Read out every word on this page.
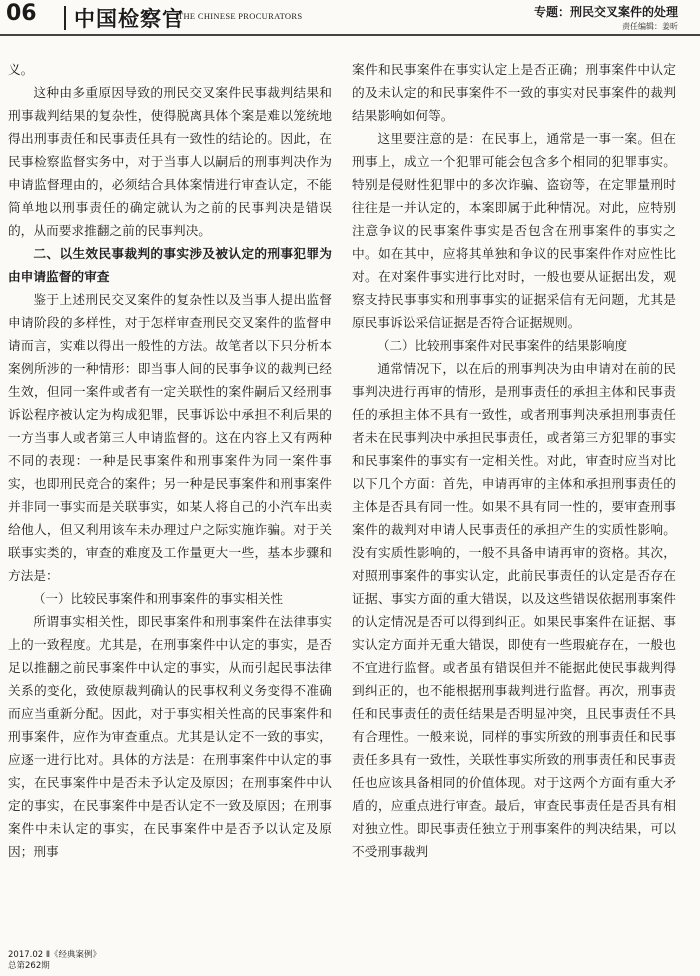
06 中国检察官
THE CHINESE PROCURATORS	专题：刑民交叉案件的处理
责任编辑：姜昕

义。

这种由多重原因导致的刑民交叉案件民事裁判结果和刑事裁判结果的复杂性，使得脱离具体个案是难以笼统地得出刑事责任和民事责任具有一致性的结论的。因此，在民事检察监督实务中，对于当事人以嗣后的刑事判决作为申请监督理由的，必须结合具体案情进行审查认定，不能简单地以刑事责任的确定就认为之前的民事判决是错误的，从而要求推翻之前的民事判决。

二、以生效民事裁判的事实涉及被认定的刑事犯罪为由申请监督的审查

鉴于上述刑民交叉案件的复杂性以及当事人提出监督申请阶段的多样性，对于怎样审查刑民交叉案件的监督申请而言，实难以得出一般性的方法。故笔者以下只分析本案例所涉的一种情形：即当事人间的民事争议的裁判已经生效，但同一案件或者有一定关联性的案件嗣后又经刑事诉讼程序被认定为构成犯罪，民事诉讼中承担不利后果的一方当事人或者第三人申请监督的。这在内容上又有两种不同的表现：一种是民事案件和刑事案件为同一案件事实，也即刑民竞合的案件；另一种是民事案件和刑事案件并非同一事实而是关联事实，如某人将自己的小汽车出卖给他人，但又利用该车未办理过户之际实施诈骗。对于关联事实类的，审查的难度及工作量更大一些，基本步骤和方法是：

（一）比较民事案件和刑事案件的事实相关性

所谓事实相关性，即民事案件和刑事案件在法律事实上的一致程度。尤其是，在刑事案件中认定的事实，是否足以推翻之前民事案件中认定的事实，从而引起民事法律关系的变化，致使原裁判确认的民事权利义务变得不准确而应当重新分配。因此，对于事实相关性高的民事案件和刑事案件，应作为审查重点。尤其是认定不一致的事实，应逐一进行比对。具体的方法是：在刑事案件中认定的事实，在民事案件中是否未予认定及原因；在刑事案件中认定的事实，在民事案件中是否认定不一致及原因；在刑事案件中未认定的事实，在民事案件中是否予以认定及原因；刑事

案件和民事案件在事实认定上是否正确；刑事案件中认定的及未认定的和民事案件不一致的事实对民事案件的裁判结果影响如何等。

这里要注意的是：在民事上，通常是一事一案。但在刑事上，成立一个犯罪可能会包含多个相同的犯罪事实。特别是侵财性犯罪中的多次诈骗、盗窃等，在定罪量刑时往往是一并认定的，本案即属于此种情况。对此，应特别注意争议的民事案件事实是否包含在刑事案件的事实之中。如在其中，应将其单独和争议的民事案件作对应性比对。在对案件事实进行比对时，一般也要从证据出发，观察支持民事事实和刑事事实的证据采信有无问题，尤其是原民事诉讼采信证据是否符合证据规则。

（二）比较刑事案件对民事案件的结果影响度

通常情况下，以在后的刑事判决为由申请对在前的民事判决进行再审的情形，是刑事责任的承担主体和民事责任的承担主体不具有一致性，或者刑事判决承担刑事责任者未在民事判决中承担民事责任，或者第三方犯罪的事实和民事案件的事实有一定相关性。对此，审查时应当对比以下几个方面：首先，申请再审的主体和承担刑事责任的主体是否具有同一性。如果不具有同一性的，要审查刑事案件的裁判对申请人民事责任的承担产生的实质性影响。没有实质性影响的，一般不具备申请再审的资格。其次，对照刑事案件的事实认定，此前民事责任的认定是否存在证据、事实方面的重大错误，以及这些错误依据刑事案件的认定情况是否可以得到纠正。如果民事案件在证据、事实认定方面并无重大错误，即使有一些瑕疵存在，一般也不宜进行监督。或者虽有错误但并不能据此使民事裁判得到纠正的，也不能根据刑事裁判进行监督。再次，刑事责任和民事责任的责任结果是否明显冲突，且民事责任不具有合理性。一般来说，同样的事实所致的刑事责任和民事责任多具有一致性，关联性事实所致的刑事责任和民事责任也应该具备相同的价值体现。对于这两个方面有重大矛盾的，应重点进行审查。最后，审查民事责任是否具有相对独立性。即民事责任独立于刑事案件的判决结果，可以不受刑事裁判

2017.02 Ⅱ《经典案例》
总第262期
